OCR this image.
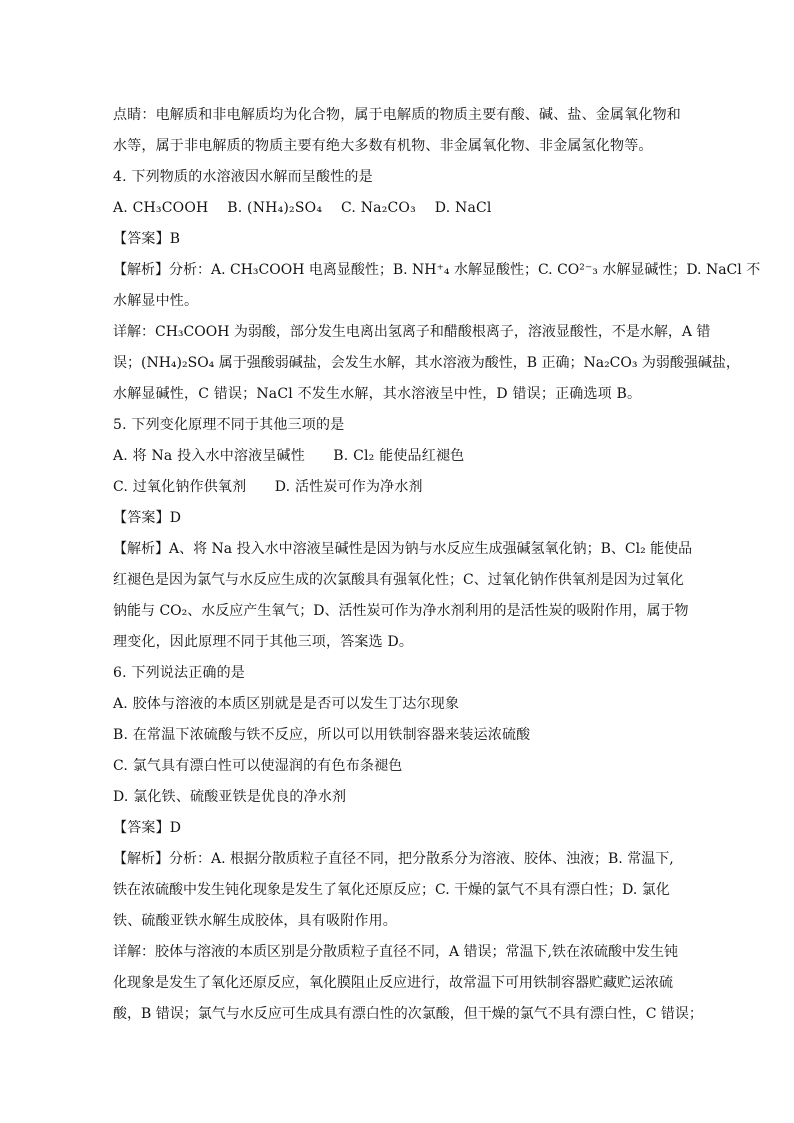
点睛：电解质和非电解质均为化合物，属于电解质的物质主要有酸、碱、盐、金属氧化物和
水等，属于非电解质的物质主要有绝大多数有机物、非金属氧化物、非金属氢化物等。
4. 下列物质的水溶液因水解而呈酸性的是
A. CH₃COOH　 B. (NH₄)₂SO₄　 C. Na₂CO₃　 D. NaCl
【答案】B
【解析】分析：A. CH₃COOH 电离显酸性；B. NH⁺₄ 水解显酸性；C. CO²⁻₃ 水解显碱性；D. NaCl 不
水解显中性。
详解：CH₃COOH 为弱酸，部分发生电离出氢离子和醋酸根离子，溶液显酸性，不是水解，A 错
误；(NH₄)₂SO₄ 属于强酸弱碱盐，会发生水解，其水溶液为酸性，B 正确；Na₂CO₃ 为弱酸强碱盐，
水解显碱性，C 错误；NaCl 不发生水解，其水溶液呈中性，D 错误；正确选项 B。
5. 下列变化原理不同于其他三项的是
A. 将 Na 投入水中溶液呈碱性　　B. Cl₂ 能使品红褪色
C. 过氧化钠作供氧剂　　D. 活性炭可作为净水剂
【答案】D
【解析】A、将 Na 投入水中溶液呈碱性是因为钠与水反应生成强碱氢氧化钠；B、Cl₂ 能使品
红褪色是因为氯气与水反应生成的次氯酸具有强氧化性；C、过氧化钠作供氧剂是因为过氧化
钠能与 CO₂、水反应产生氧气；D、活性炭可作为净水剂利用的是活性炭的吸附作用，属于物
理变化，因此原理不同于其他三项，答案选 D。
6. 下列说法正确的是
A. 胶体与溶液的本质区别就是是否可以发生丁达尔现象
B. 在常温下浓硫酸与铁不反应，所以可以用铁制容器来装运浓硫酸
C. 氯气具有漂白性可以使湿润的有色布条褪色
D. 氯化铁、硫酸亚铁是优良的净水剂
【答案】D
【解析】分析：A. 根据分散质粒子直径不同，把分散系分为溶液、胶体、浊液；B. 常温下,
铁在浓硫酸中发生钝化现象是发生了氧化还原反应；C. 干燥的氯气不具有漂白性；D. 氯化
铁、硫酸亚铁水解生成胶体，具有吸附作用。
详解：胶体与溶液的本质区别是分散质粒子直径不同，A 错误；常温下,铁在浓硫酸中发生钝
化现象是发生了氧化还原反应，氧化膜阻止反应进行，故常温下可用铁制容器贮藏贮运浓硫
酸，B 错误；氯气与水反应可生成具有漂白性的次氯酸，但干燥的氯气不具有漂白性，C 错误；
